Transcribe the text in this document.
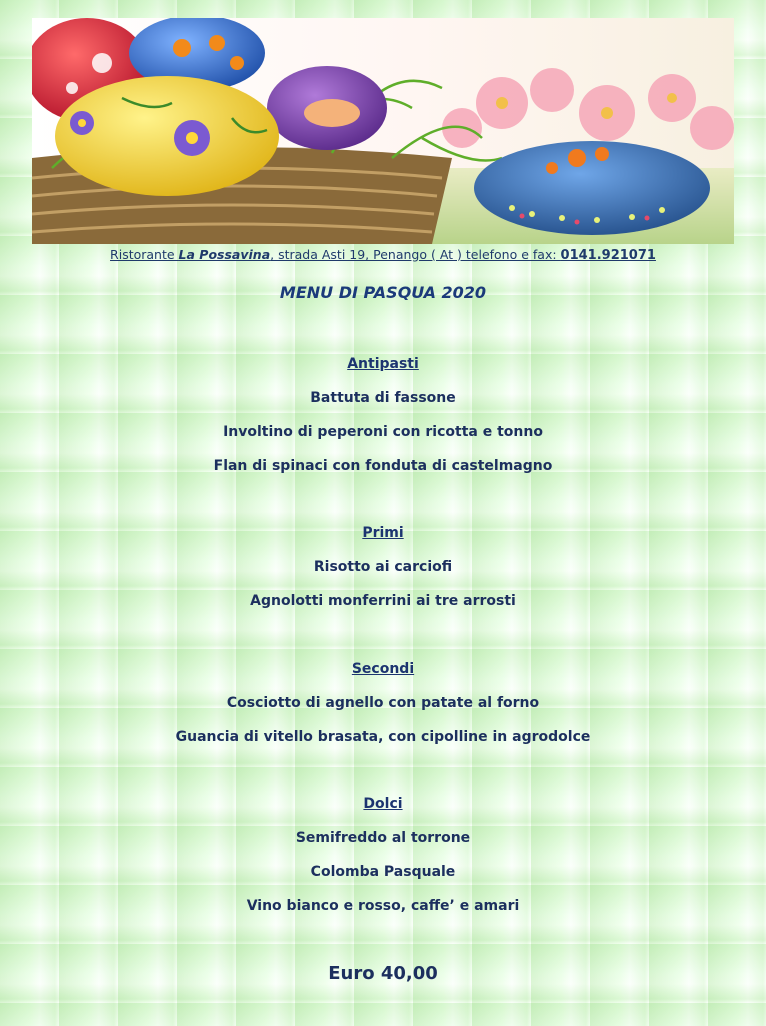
Ristorante La Possavina, strada Asti 19, Penango ( At ) telefono e fax: 0141.921071
MENU DI PASQUA 2020
Antipasti
Battuta di fassone
Involtino di peperoni con ricotta e tonno
Flan di spinaci con fonduta di castelmagno
Primi
Risotto ai carciofi
Agnolotti monferrini ai tre arrosti
Secondi
Cosciotto di agnello con patate al forno
Guancia di vitello brasata, con cipolline in agrodolce
Dolci
Semifreddo al torrone
Colomba Pasquale
Vino bianco e rosso, caffe’ e amari
Euro 40,00
